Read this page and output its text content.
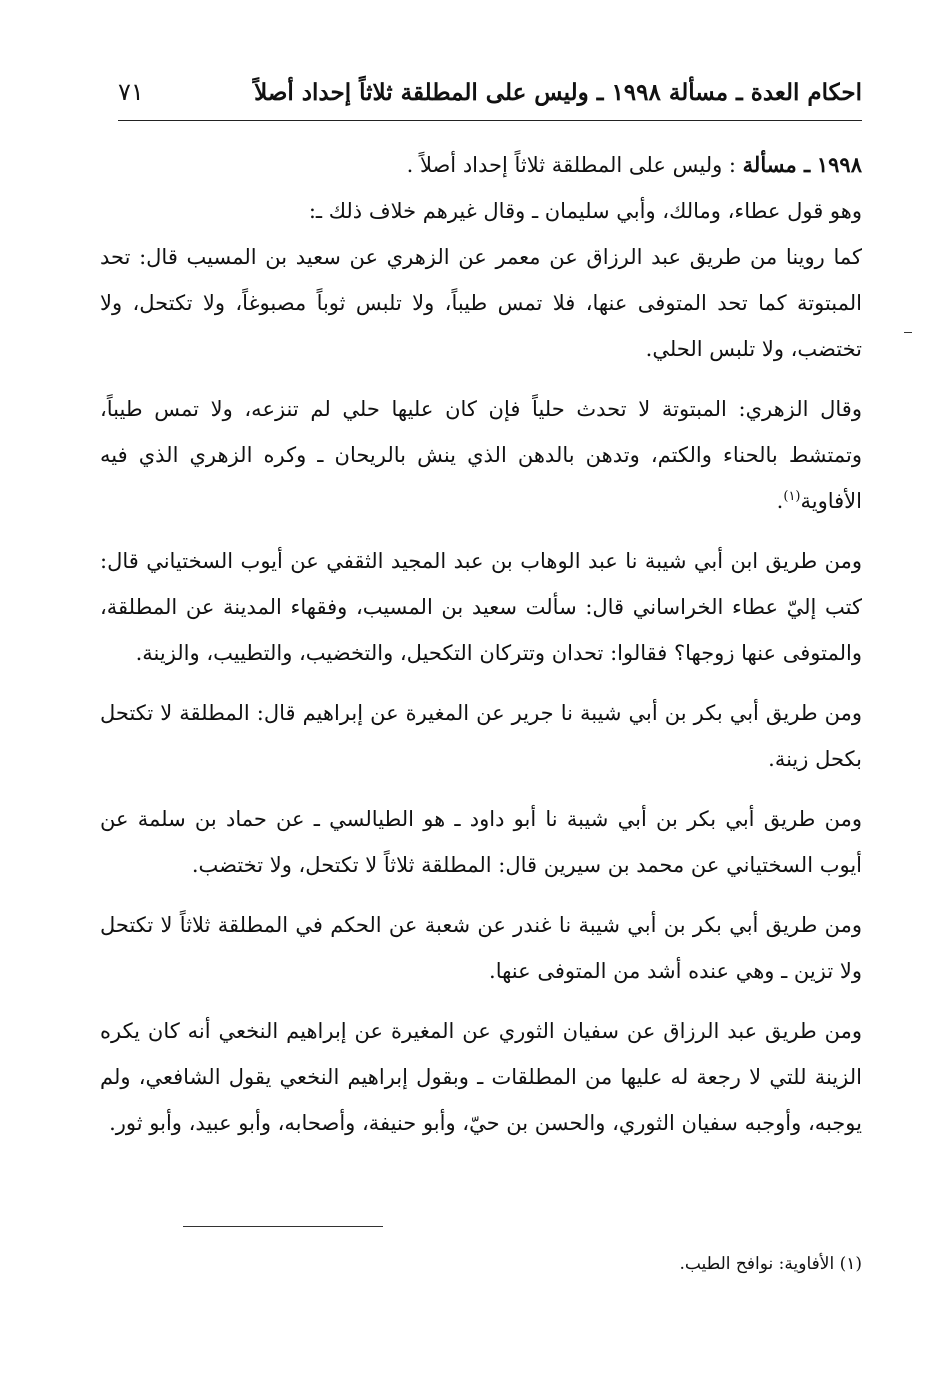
احكام العدة ـ مسألة ١٩٩٨ ـ وليس على المطلقة ثلاثاً إحداد أصلاً
٧١

١٩٩٨ ـ مسألة : وليس على المطلقة ثلاثاً إحداد أصلاً .

وهو قول عطاء، ومالك، وأبي سليمان ـ وقال غيرهم خلاف ذلك ـ:

كما روينا من طريق عبد الرزاق عن معمر عن الزهري عن سعيد بن المسيب قال: تحد المبتوتة كما تحد المتوفى عنها، فلا تمس طيباً، ولا تلبس ثوباً مصبوغاً، ولا تكتحل، ولا تختضب، ولا تلبس الحلي.

وقال الزهري: المبتوتة لا تحدث حلياً فإن كان عليها حلي لم تنزعه، ولا تمس طيباً، وتمتشط بالحناء والكتم، وتدهن بالدهن الذي ينش بالريحان ـ وكره الزهري الذي فيه الأفاوية$^{(١)}$.

ومن طريق ابن أبي شيبة نا عبد الوهاب بن عبد المجيد الثقفي عن أيوب السختياني قال: كتب إليّ عطاء الخراساني قال: سألت سعيد بن المسيب، وفقهاء المدينة عن المطلقة، والمتوفى عنها زوجها؟ فقالوا: تحدان وتتركان التكحيل، والتخضيب، والتطييب، والزينة.

ومن طريق أبي بكر بن أبي شيبة نا جرير عن المغيرة عن إبراهيم قال: المطلقة لا تكتحل بكحل زينة.

ومن طريق أبي بكر بن أبي شيبة نا أبو داود ـ هو الطيالسي ـ عن حماد بن سلمة عن أيوب السختياني عن محمد بن سيرين قال: المطلقة ثلاثاً لا تكتحل، ولا تختضب.

ومن طريق أبي بكر بن أبي شيبة نا غندر عن شعبة عن الحكم في المطلقة ثلاثاً لا تكتحل ولا تزين ـ وهي عنده أشد من المتوفى عنها.

ومن طريق عبد الرزاق عن سفيان الثوري عن المغيرة عن إبراهيم النخعي أنه كان يكره الزينة للتي لا رجعة له عليها من المطلقات ـ وبقول إبراهيم النخعي يقول الشافعي، ولم يوجبه، وأوجبه سفيان الثوري، والحسن بن حيّ، وأبو حنيفة، وأصحابه، وأبو عبيد، وأبو ثور.

(١) الأفاوية: نوافح الطيب.
